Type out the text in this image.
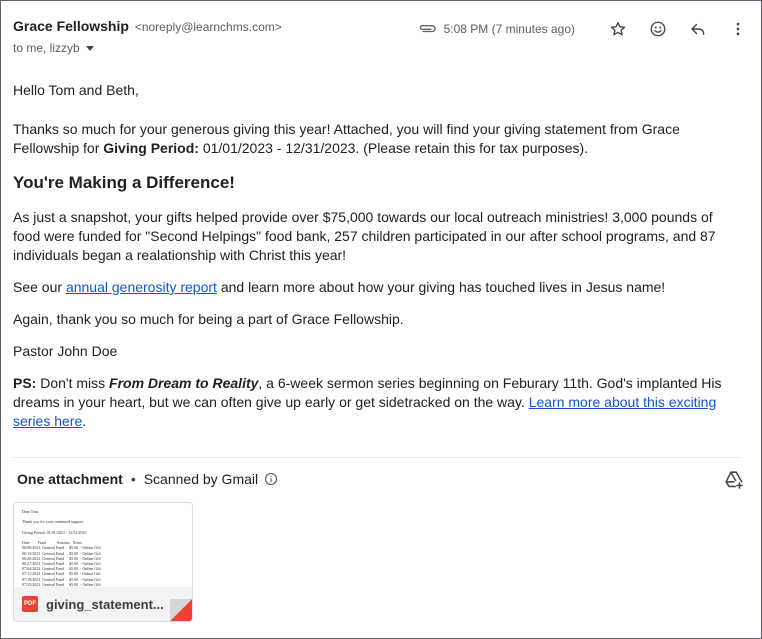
Grace Fellowship <noreply@learnchms.com>
to me, lizzyb
5:08 PM (7 minutes ago)

Hello Tom and Beth,

Thanks so much for your generous giving this year! Attached, you will find your giving statement from Grace Fellowship for Giving Period: 01/01/2023 - 12/31/2023. (Please retain this for tax purposes).

You're Making a Difference!

As just a snapshot, your gifts helped provide over $75,000 towards our local outreach ministries! 3,000 pounds of food were funded for "Second Helpings" food bank, 257 children participated in our after school programs, and 87 individuals began a realationship with Christ this year!

See our annual generosity report and learn more about how your giving has touched lives in Jesus name!

Again, thank you so much for being a part of Grace Fellowship.

Pastor John Doe

PS: Don't miss From Dream to Reality, a 6-week sermon series beginning on Feburary 11th. God's implanted His dreams in your heart, but we can often give up early or get sidetracked on the way. Learn more about this exciting series here.

One attachment • Scanned by Gmail
Dear Tom,

Thank you for your continued support.

Giving Period: 01/01/2023 - 12/31/2023

Date        Fund           Amount   Notes
06/06/2023  General Fund     $5.00  - Online Gift
06/13/2023  General Fund     $5.00  - Online Gift
06/20/2023  General Fund     $5.00  - Online Gift
06/27/2023  General Fund     $5.00  - Online Gift
07/04/2023  General Fund     $5.00  - Online Gift
07/11/2023  General Fund     $5.00  - Online Gift
07/18/2023  General Fund     $5.00  - Online Gift
07/25/2023  General Fund     $5.00  - Online Gift
PDF giving_statement...
